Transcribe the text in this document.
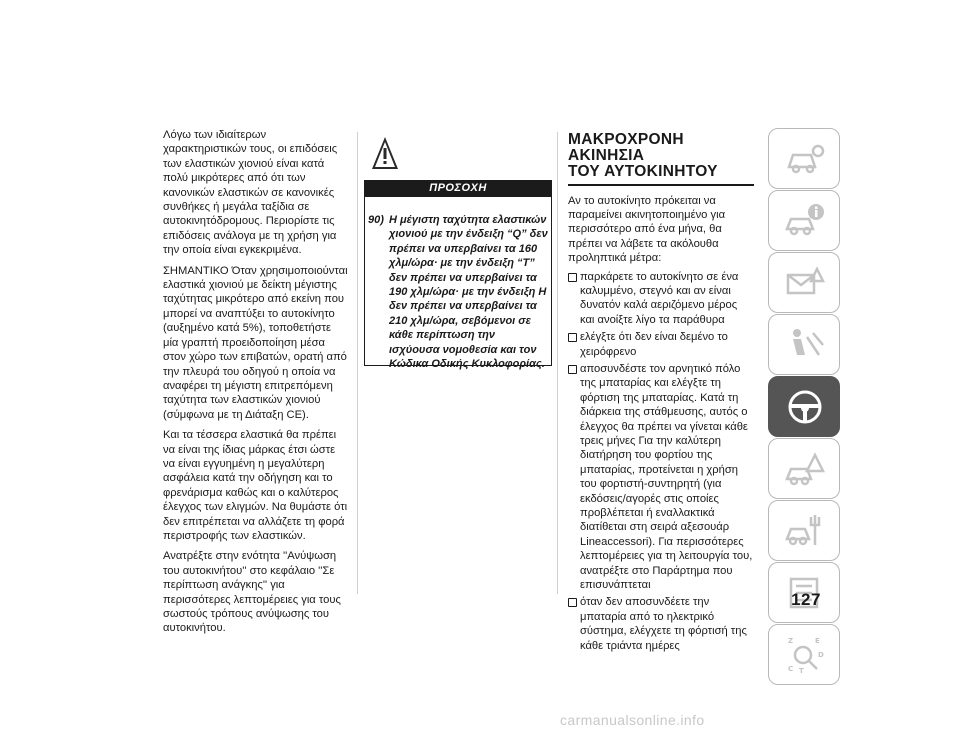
Λόγω των ιδιαίτερων χαρακτηριστικών τους, οι επιδόσεις των ελαστικών χιονιού είναι κατά πολύ μικρότερες από ότι των κανονικών ελαστικών σε κανονικές συνθήκες ή μεγάλα ταξίδια σε αυτοκινητόδρομους. Περιορίστε τις επιδόσεις ανάλογα με τη χρήση για την οποία είναι εγκεκριμένα.

ΣΗΜΑΝΤΙΚΟ Όταν χρησιμοποιούνται ελαστικά χιονιού με δείκτη μέγιστης ταχύτητας μικρότερο από εκείνη που μπορεί να αναπτύξει το αυτοκίνητο (αυξημένο κατά 5%), τοποθετήστε μία γραπτή προειδοποίηση μέσα στον χώρο των επιβατών, ορατή από την πλευρά του οδηγού η οποία να αναφέρει τη μέγιστη επιτρεπόμενη ταχύτητα των ελαστικών χιονιού (σύμφωνα με τη Διάταξη CE).

Και τα τέσσερα ελαστικά θα πρέπει να είναι της ίδιας μάρκας έτσι ώστε να είναι εγγυημένη η μεγαλύτερη ασφάλεια κατά την οδήγηση και το φρενάρισμα καθώς και ο καλύτερος έλεγχος των ελιγμών. Να θυμάστε ότι δεν επιτρέπεται να αλλάζετε τη φορά περιστροφής των ελαστικών.

Ανατρέξτε στην ενότητα ''Ανύψωση του αυτοκινήτου'' στο κεφάλαιο ''Σε περίπτωση ανάγκης'' για περισσότερες λεπτομέρειες για τους σωστούς τρόπους ανύψωσης του αυτοκινήτου.

ΠΡΟΣΟΧΗ
90) Η μέγιστη ταχύτητα ελαστικών χιονιού με την ένδειξη “Q” δεν πρέπει να υπερβαίνει τα 160 χλμ/ώρα· με την ένδειξη “T” δεν πρέπει να υπερβαίνει τα 190 χλμ/ώρα· με την ένδειξη H δεν πρέπει να υπερβαίνει τα 210 χλμ/ώρα, σεβόμενοι σε κάθε περίπτωση την ισχύουσα νομοθεσία και τον Κώδικα Οδικής Κυκλοφορίας.
ΜΑΚΡΟΧΡΟΝΗ ΑΚΙΝΗΣΙΑ
ΤΟΥ ΑΥΤΟΚΙΝΗΤΟΥ

Αν το αυτοκίνητο πρόκειται να παραμείνει ακινητοποιημένο για περισσότερο από ένα μήνα, θα πρέπει να λάβετε τα ακόλουθα προληπτικά μέτρα:

παρκάρετε το αυτοκίνητο σε ένα καλυμμένο, στεγνό και αν είναι δυνατόν καλά αεριζόμενο μέρος και ανοίξτε λίγο τα παράθυρα
ελέγξτε ότι δεν είναι δεμένο το χειρόφρενο
αποσυνδέστε τον αρνητικό πόλο της μπαταρίας και ελέγξτε τη φόρτιση της μπαταρίας. Κατά τη διάρκεια της στάθμευσης, αυτός ο έλεγχος θα πρέπει να γίνεται κάθε τρεις μήνες Για την καλύτερη διατήρηση του φορτίου της μπαταρίας, προτείνεται η χρήση του φορτιστή-συντηρητή (για εκδόσεις/αγορές στις οποίες προβλέπεται ή εναλλακτικά διατίθεται στη σειρά αξεσουάρ Lineaccessori). Για περισσότερες λεπτομέρειες για τη λειτουργία του, ανατρέξτε στο Παράρτημα που επισυνάπτεται
όταν δεν αποσυνδέετε την μπαταρία από το ηλεκτρικό σύστημα, ελέγχετε τη φόρτισή της κάθε τριάντα ημέρες	Z	E
D
C T
127
carmanualsonline.info
